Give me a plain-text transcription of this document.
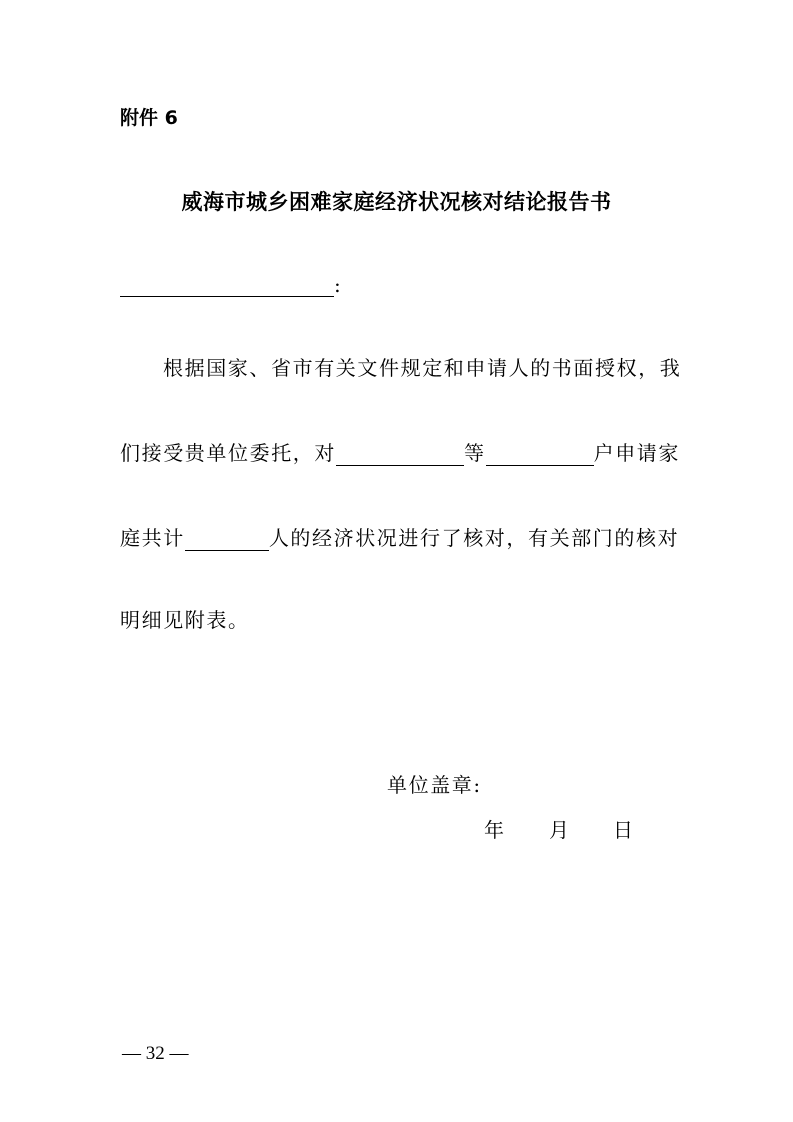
附件 6
威海市城乡困难家庭经济状况核对结论报告书
:
根据国家、省市有关文件规定和申请人的书面授权，我
们接受贵单位委托，对	等	户申请家
庭共计	人的经济状况进行了核对，有关部门的核对
明细见附表。
单位盖章:
年 月 日
— 32 —
